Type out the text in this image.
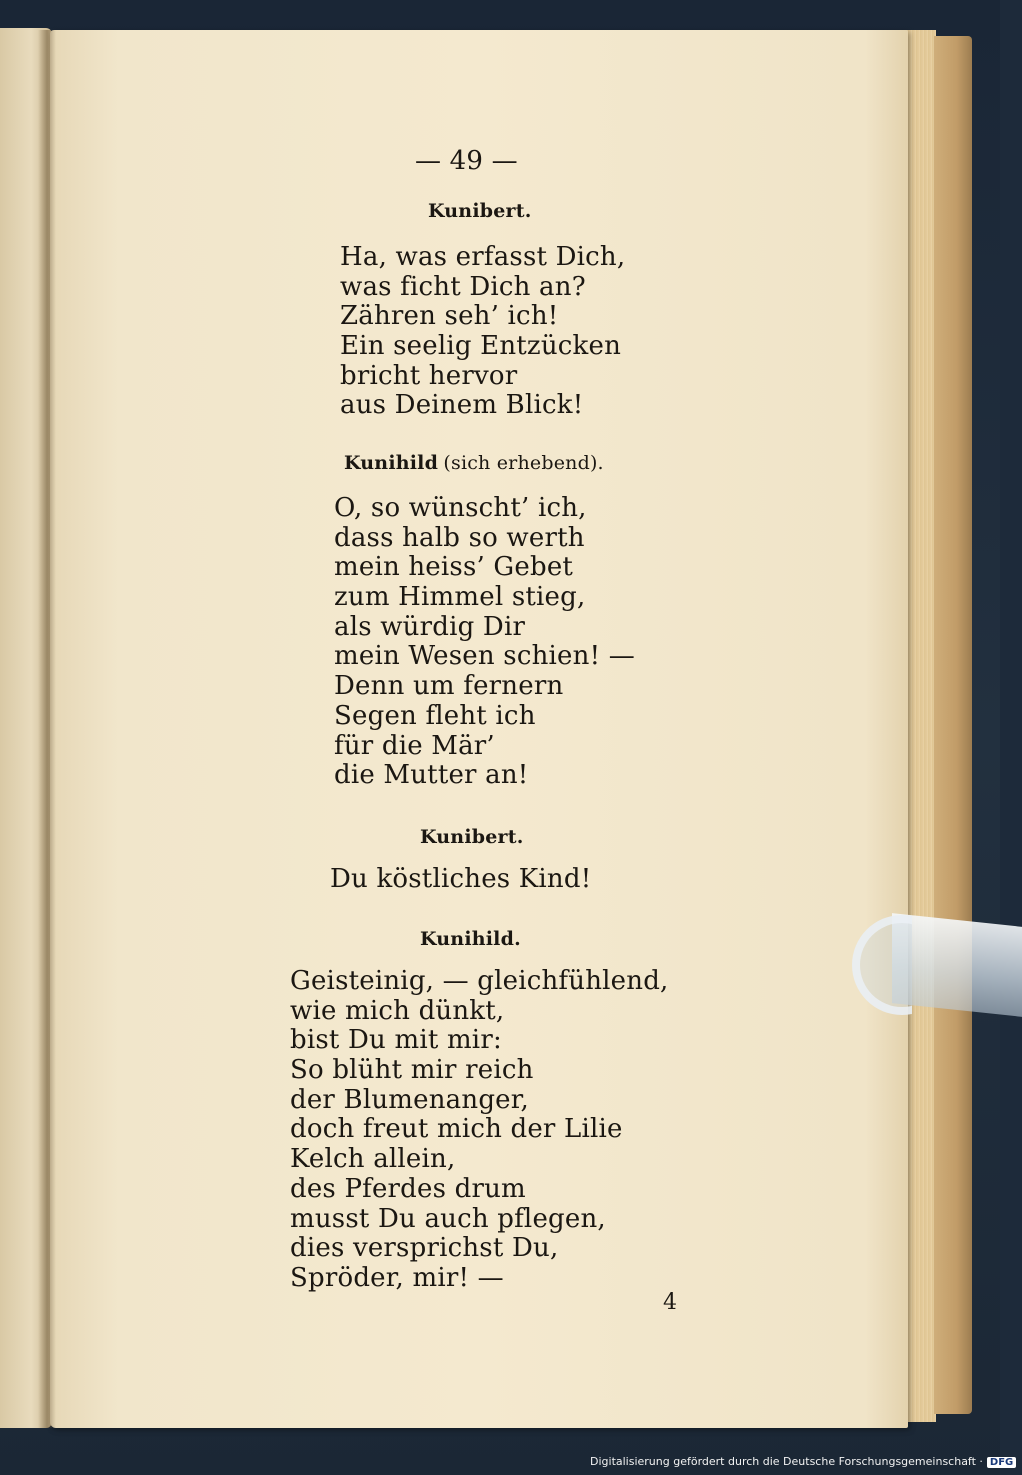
— 49 —
Kunibert.
Ha, was erfasst Dich,
was ficht Dich an?
Zähren seh’ ich!
Ein seelig Entzücken
bricht hervor
aus Deinem Blick!
Kunihild (sich erhebend).
O, so wünscht’ ich,
dass halb so werth
mein heiss’ Gebet
zum Himmel stieg,
als würdig Dir
mein Wesen schien! —
Denn um fernern
Segen fleht ich
für die Mär’
die Mutter an!
Kunibert.
Du köstliches Kind!
Kunihild.
Geisteinig, — gleichfühlend,
wie mich dünkt,
bist Du mit mir:
So blüht mir reich
der Blumenanger,
doch freut mich der Lilie
Kelch allein,
des Pferdes drum
musst Du auch pflegen,
dies versprichst Du,
Spröder, mir! —
4
Digitalisierung gefördert durch die Deutsche Forschungsgemeinschaft · DFG
